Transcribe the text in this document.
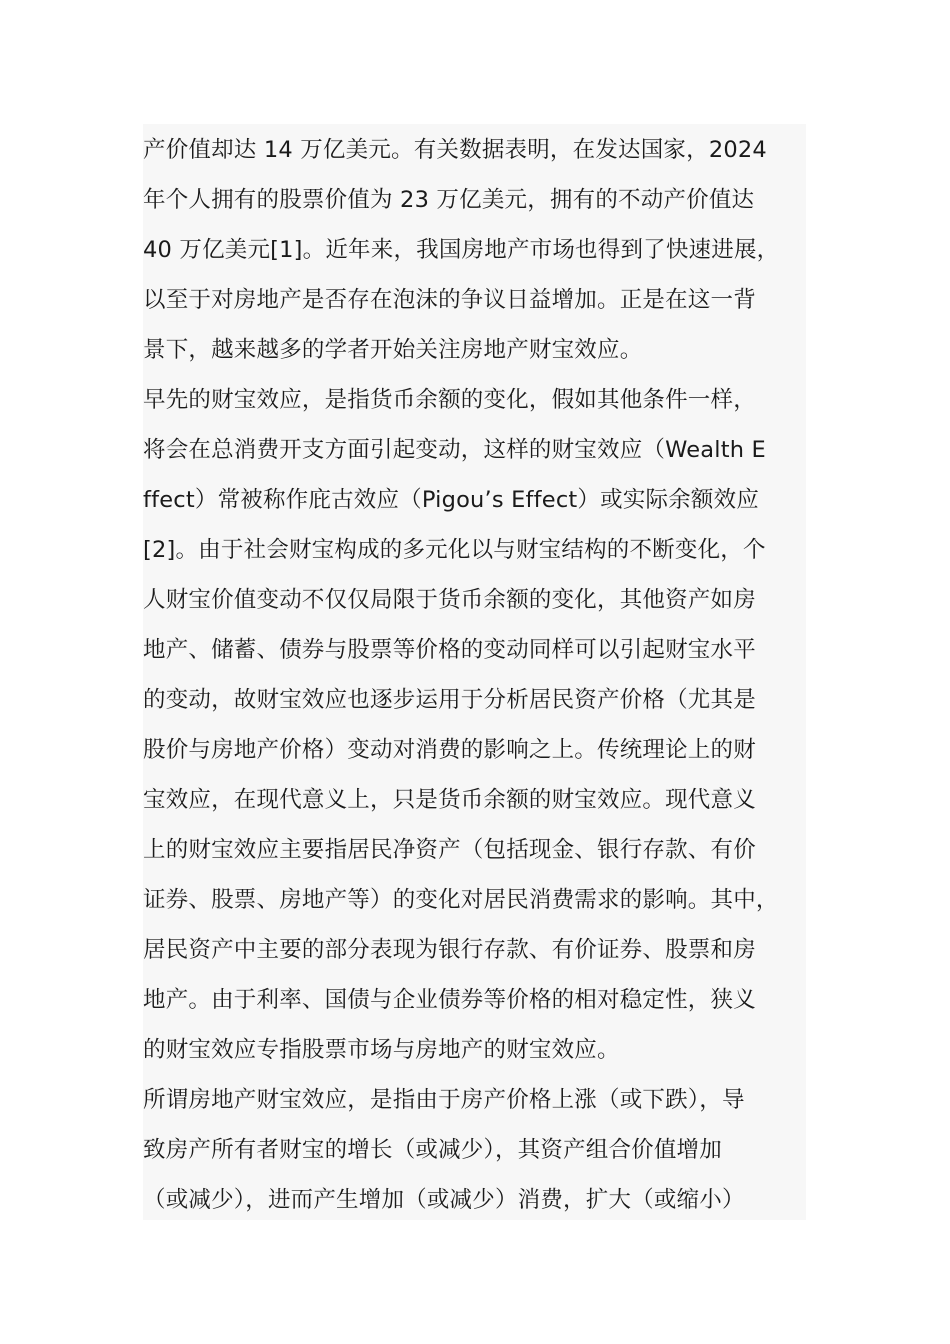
产价值却达 14 万亿美元。有关数据表明，在发达国家，2024
年个人拥有的股票价值为 23 万亿美元，拥有的不动产价值达
40 万亿美元[1]。近年来，我国房地产市场也得到了快速进展，
以至于对房地产是否存在泡沫的争议日益增加。正是在这一背
景下，越来越多的学者开始关注房地产财宝效应。
早先的财宝效应，是指货币余额的变化，假如其他条件一样，
将会在总消费开支方面引起变动，这样的财宝效应（Wealth E
ffect）常被称作庇古效应（Pigou’s Effect）或实际余额效应
[2]。由于社会财宝构成的多元化以与财宝结构的不断变化，个
人财宝价值变动不仅仅局限于货币余额的变化，其他资产如房
地产、储蓄、债券与股票等价格的变动同样可以引起财宝水平
的变动，故财宝效应也逐步运用于分析居民资产价格（尤其是
股价与房地产价格）变动对消费的影响之上。传统理论上的财
宝效应，在现代意义上，只是货币余额的财宝效应。现代意义
上的财宝效应主要指居民净资产（包括现金、银行存款、有价
证券、股票、房地产等）的变化对居民消费需求的影响。其中，
居民资产中主要的部分表现为银行存款、有价证券、股票和房
地产。由于利率、国债与企业债券等价格的相对稳定性，狭义
的财宝效应专指股票市场与房地产的财宝效应。
所谓房地产财宝效应，是指由于房产价格上涨（或下跌），导
致房产所有者财宝的增长（或减少），其资产组合价值增加
（或减少），进而产生增加（或减少）消费，扩大（或缩小）
